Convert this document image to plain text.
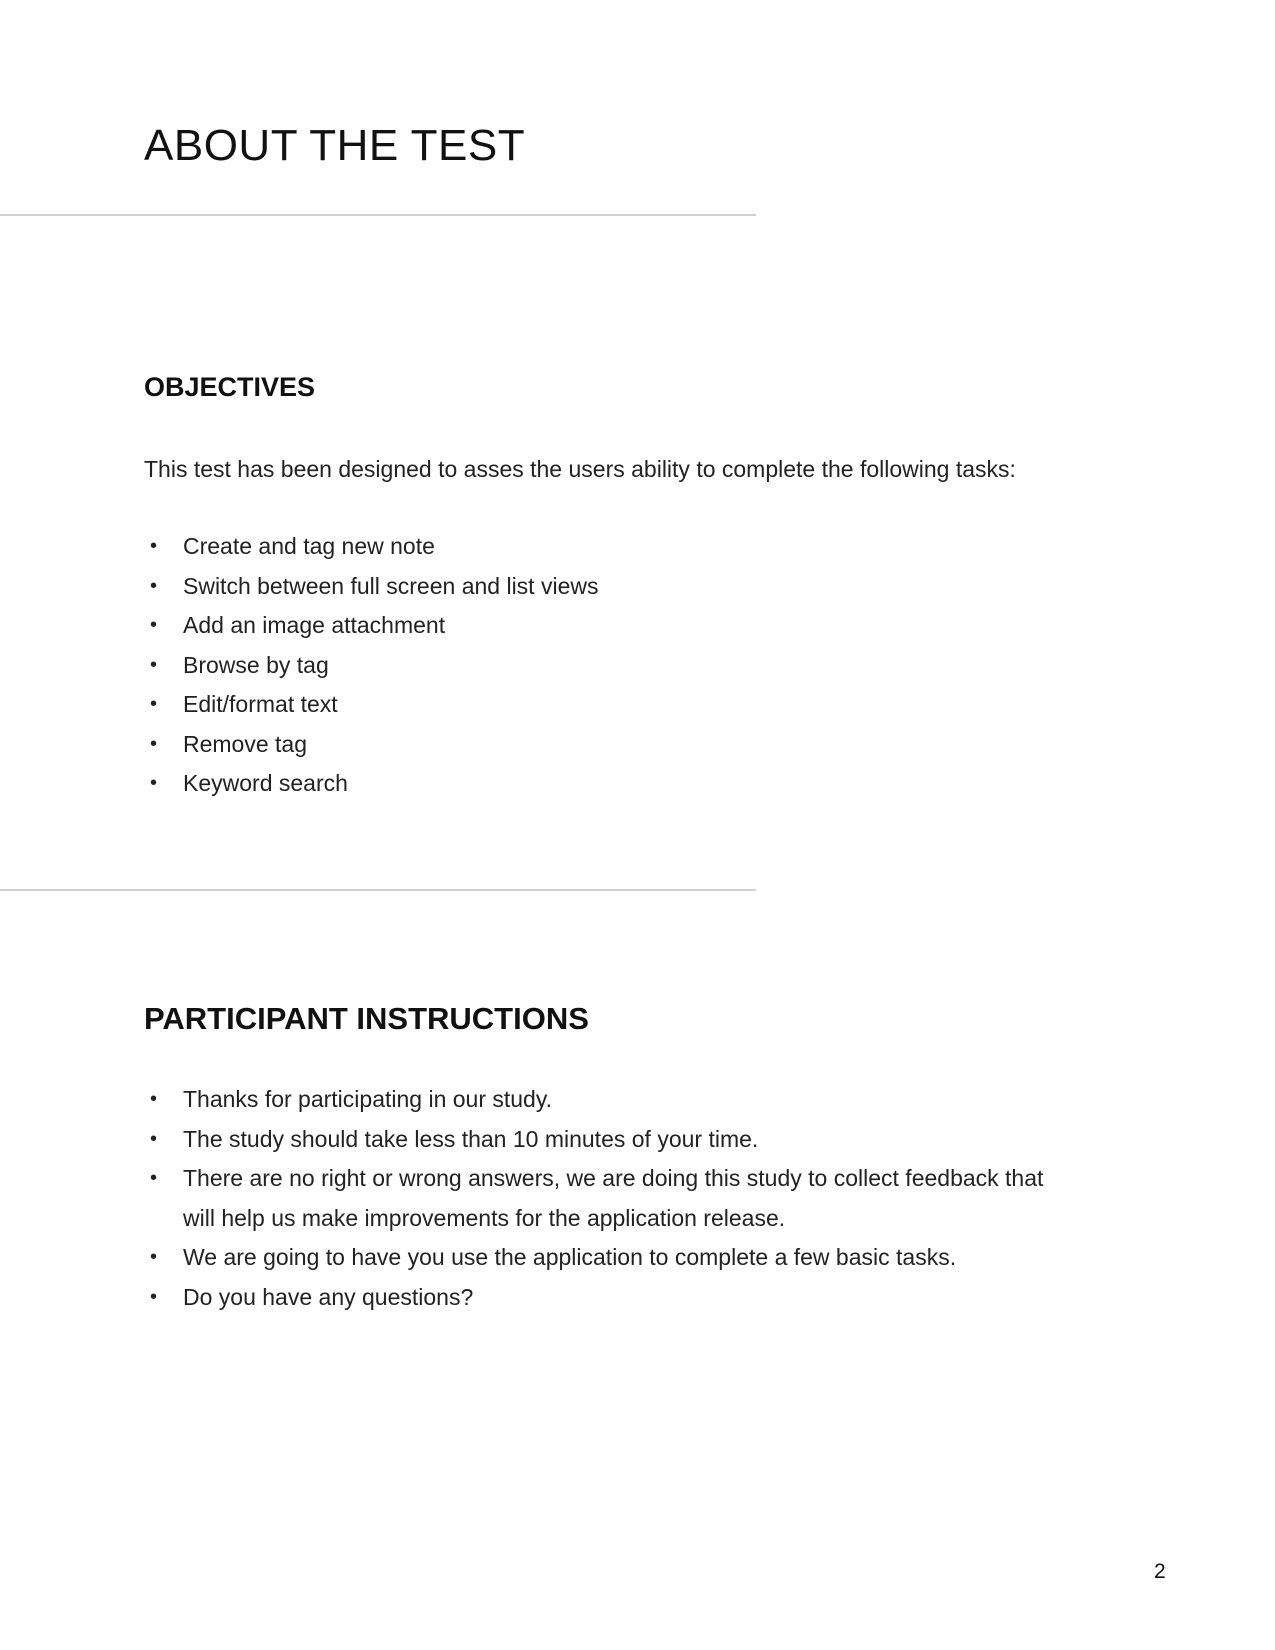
ABOUT THE TEST
OBJECTIVES

This test has been designed to asses the users ability to complete the following tasks:

• Create and tag new note
• Switch between full screen and list views
• Add an image attachment
• Browse by tag
• Edit/format text
• Remove tag
• Keyword search
PARTICIPANT INSTRUCTIONS
• Thanks for participating in our study.
• The study should take less than 10 minutes of your time.
• There are no right or wrong answers, we are doing this study to collect feedback that will help us make improvements for the application release.
• We are going to have you use the application to complete a few basic tasks.
• Do you have any questions?
2
